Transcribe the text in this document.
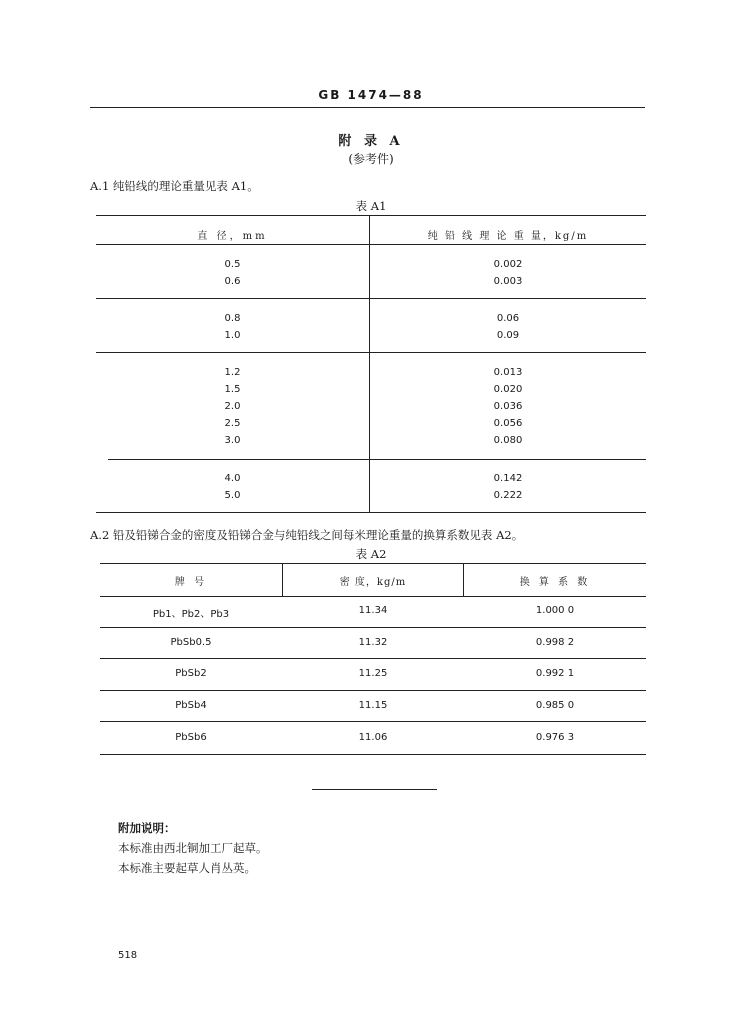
GB 1474—88
附 录 A
(参考件)
A.1 纯铅线的理论重量见表 A1。
表 A1
直 径，mm	纯 铅 线 理 论 重 量，kg/m
0.5	0.002
0.6	0.003
0.8	0.06
1.0	0.09
1.2	0.013
1.5	0.020
2.0	0.036
2.5	0.056
3.0	0.080
4.0	0.142
5.0	0.222
A.2 铅及铅锑合金的密度及铅锑合金与纯铅线之间每米理论重量的换算系数见表 A2。
表 A2
牌 号	密 度，kg/m	换 算 系 数
Pb1、Pb2、Pb3	11.34	1.000 0
PbSb0.5	11.32	0.998 2
PbSb2	11.25	0.992 1
PbSb4	11.15	0.985 0
PbSb6	11.06	0.976 3
附加说明：
本标准由西北铜加工厂起草。
本标准主要起草人肖丛英。
518
